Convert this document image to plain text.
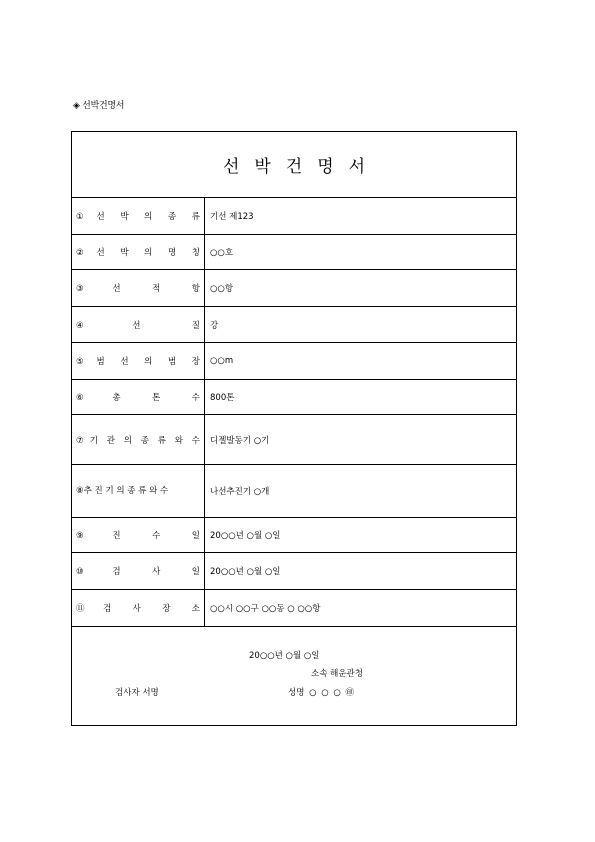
◈ 선박건명서
선박건명서
①선 박 의 종 류	기선 제123
②선 박 의 명 칭	○○호
③선 적 항	○○항
④선 질	강
⑤범 선 의 범 장	○○m
⑥총 톤 수	800톤
⑦기 관 의 종 류 와 수	디젤발동기 ○기
⑧추 진 기 의 종 류 와 수	나선추진기 ○개
⑨진 수 일	20○○년 ○월 ○일
⑩검 사 일	20○○년 ○월 ○일
⑪검 사 장 소	○○시 ○○구 ○○동 ○ ○○항
20○○년 ○월 ○일
소속 해운관청
검사자 서명	성명 ○ ○ ○ ㊞
